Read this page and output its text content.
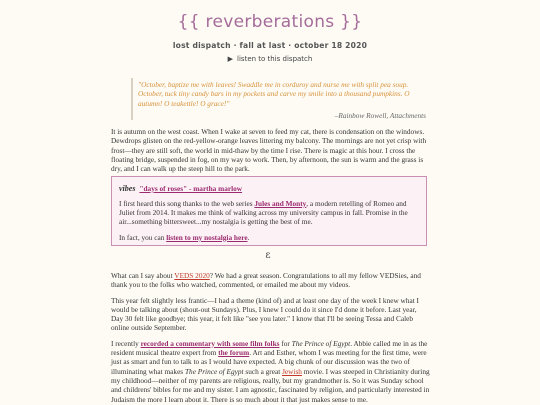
{{ reverberations }}
lost dispatch · fall at last · october 18 2020
▶ listen to this dispatch
"October, baptize me with leaves! Swaddle me in corduroy and nurse me with split pea soup. October, tuck tiny candy bars in my pockets and carve my smile into a thousand pumpkins. O autumn! O teakettle! O grace!"
–Rainbow Rowell, Attachments

It is autumn on the west coast. When I wake at seven to feed my cat, there is condensation on the windows. Dewdrops glisten on the red-yellow-orange leaves littering my balcony. The mornings are not yet crisp with frost—they are still soft, the world in mid-thaw by the time I rise. There is magic at this hour. I cross the floating bridge, suspended in fog, on my way to work. Then, by afternoon, the sun is warm and the grass is dry, and I can walk up the steep hill to the park.

vibes "days of roses" - martha marlow
I first heard this song thanks to the web series Jules and Monty, a modern retelling of Romeo and Juliet from 2014. It makes me think of walking across my university campus in fall. Promise in the air...something bittersweet...my nostalgia is getting the best of me.
In fact, you can listen to my nostalgia here.
ɛ

What can I say about VEDS 2020? We had a great season. Congratulations to all my fellow VEDSies, and thank you to the folks who watched, commented, or emailed me about my videos.

This year felt slightly less frantic—I had a theme (kind of) and at least one day of the week I knew what I would be talking about (shout-out Sundays). Plus, I knew I could do it since I'd done it before. Last year, Day 30 felt like goodbye; this year, it felt like "see you later." I know that I'll be seeing Tessa and Caleb online outside September.

I recently recorded a commentary with some film folks for The Prince of Egypt. Abbie called me in as the resident musical theatre expert from the forum. Art and Esther, whom I was meeting for the first time, were just as smart and fun to talk to as I would have expected. A big chunk of our discussion was the two of illuminating what makes The Prince of Egypt such a great Jewish movie. I was steeped in Christianity during my childhood—neither of my parents are religious, really, but my grandmother is. So it was Sunday school and childrens' bibles for me and my sister. I am agnostic, fascinated by religion, and particularly interested in Judaism the more I learn about it. There is so much about it that just makes sense to me.
